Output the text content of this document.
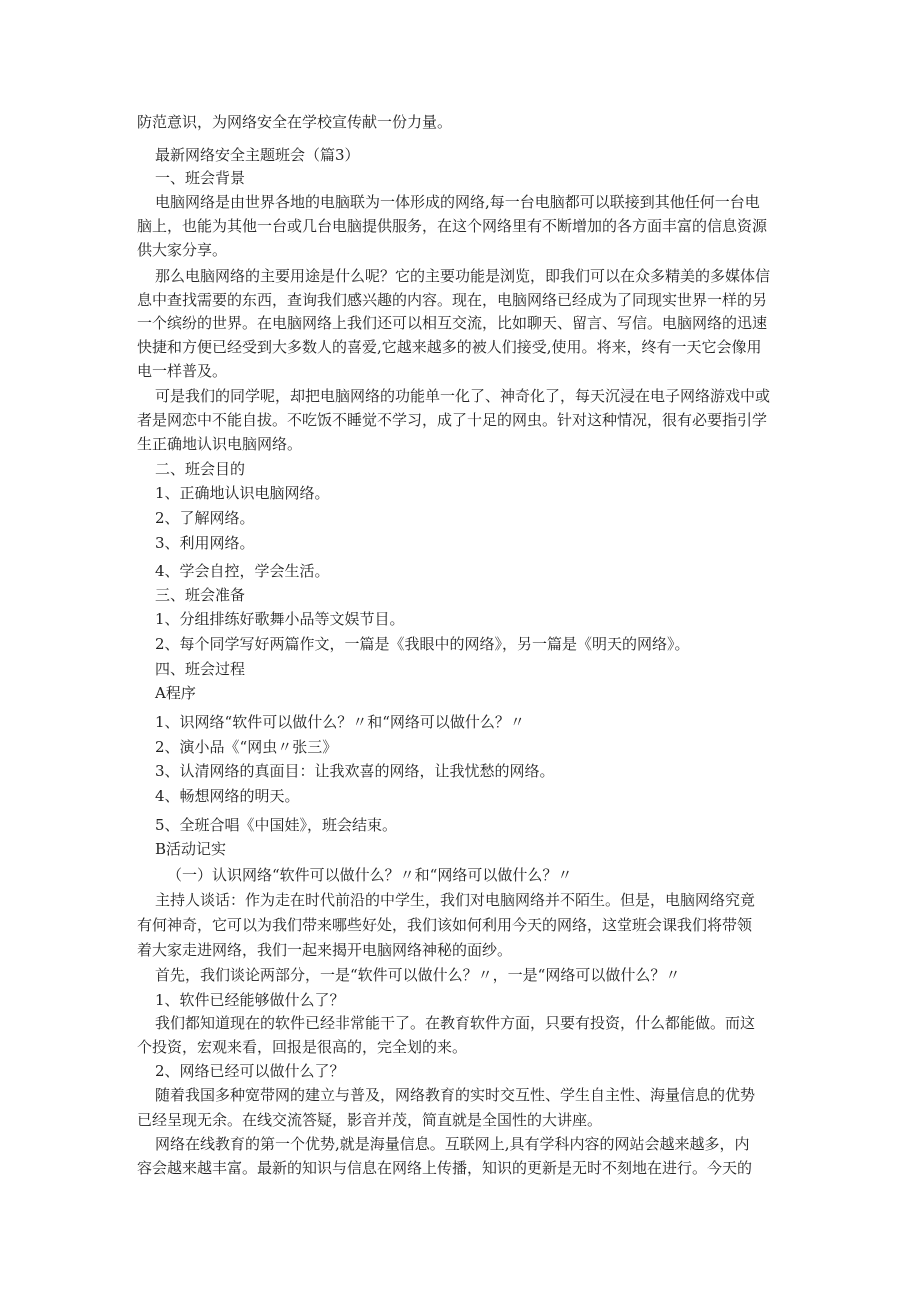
防范意识，为网络安全在学校宣传献一份力量。
最新网络安全主题班会（篇3）
一、班会背景
电脑网络是由世界各地的电脑联为一体形成的网络,每一台电脑都可以联接到其他任何一台电
脑上，也能为其他一台或几台电脑提供服务，在这个网络里有不断增加的各方面丰富的信息资源
供大家分享。
那么电脑网络的主要用途是什么呢？它的主要功能是浏览，即我们可以在众多精美的多媒体信
息中查找需要的东西，查询我们感兴趣的内容。现在，电脑网络已经成为了同现实世界一样的另
一个缤纷的世界。在电脑网络上我们还可以相互交流，比如聊天、留言、写信。电脑网络的迅速
快捷和方便已经受到大多数人的喜爱,它越来越多的被人们接受,使用。将来，终有一天它会像用
电一样普及。
可是我们的同学呢，却把电脑网络的功能单一化了、神奇化了，每天沉浸在电子网络游戏中或
者是网恋中不能自拔。不吃饭不睡觉不学习，成了十足的网虫。针对这种情况，很有必要指引学
生正确地认识电脑网络。
二、班会目的
1、正确地认识电脑网络。
2、了解网络。
3、利用网络。
4、学会自控，学会生活。
三、班会准备
1、分组排练好歌舞小品等文娱节目。
2、每个同学写好两篇作文，一篇是《我眼中的网络》，另一篇是《明天的网络》。
四、班会过程
A程序
1、识网络“软件可以做什么？〃和“网络可以做什么？〃
2、演小品《“网虫〃张三》
3、认清网络的真面目：让我欢喜的网络，让我忧愁的网络。
4、畅想网络的明天。
5、全班合唱《中国娃》，班会结束。
B活动记实
（一）认识网络“软件可以做什么？〃和“网络可以做什么？〃
主持人谈话：作为走在时代前沿的中学生，我们对电脑网络并不陌生。但是，电脑网络究竟
有何神奇，它可以为我们带来哪些好处，我们该如何利用今天的网络，这堂班会课我们将带领
着大家走进网络，我们一起来揭开电脑网络神秘的面纱。
首先，我们谈论两部分，一是“软件可以做什么？〃，一是“网络可以做什么？〃
1、软件已经能够做什么了？
我们都知道现在的软件已经非常能干了。在教育软件方面，只要有投资，什么都能做。而这
个投资，宏观来看，回报是很高的，完全划的来。
2、网络已经可以做什么了？
随着我国多种宽带网的建立与普及，网络教育的实时交互性、学生自主性、海量信息的优势
已经呈现无余。在线交流答疑，影音并茂，简直就是全国性的大讲座。
网络在线教育的第一个优势,就是海量信息。互联网上,具有学科内容的网站会越来越多，内
容会越来越丰富。最新的知识与信息在网络上传播，知识的更新是无时不刻地在进行。今天的
